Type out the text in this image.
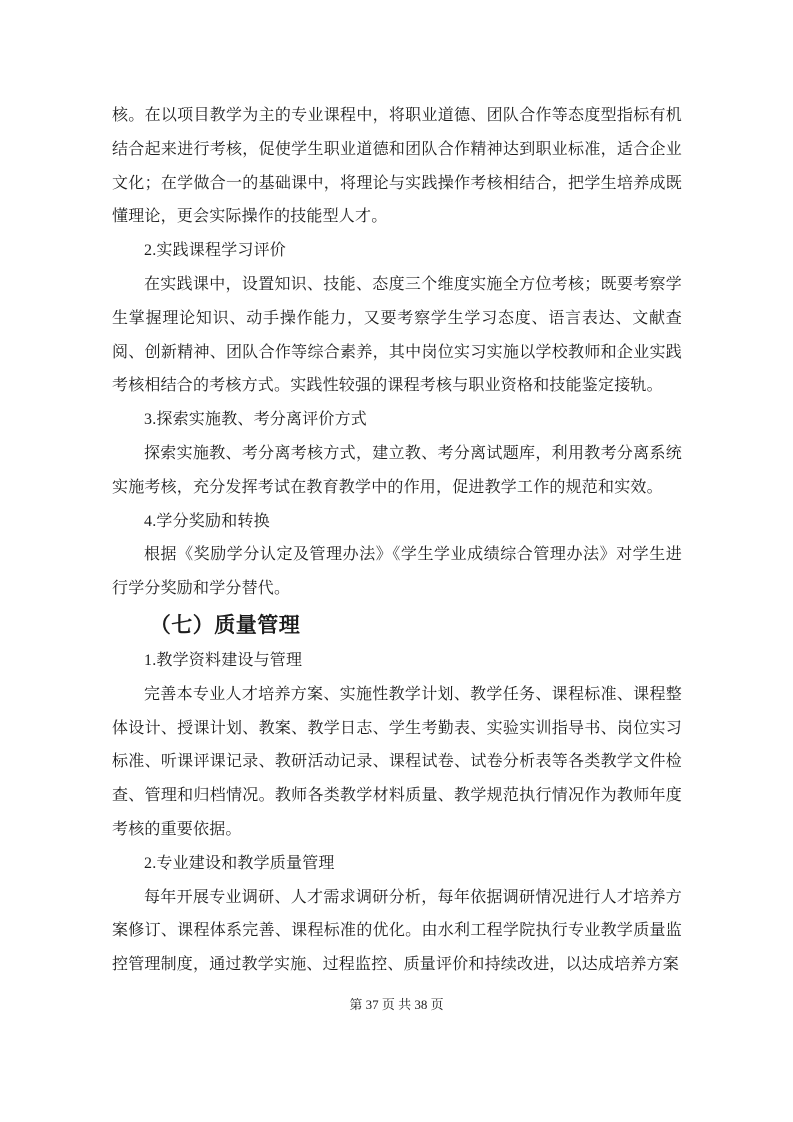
核。在以项目教学为主的专业课程中，将职业道德、团队合作等态度型指标有机结合起来进行考核，促使学生职业道德和团队合作精神达到职业标准，适合企业文化；在学做合一的基础课中，将理论与实践操作考核相结合，把学生培养成既懂理论，更会实际操作的技能型人才。

2.实践课程学习评价

在实践课中，设置知识、技能、态度三个维度实施全方位考核；既要考察学生掌握理论知识、动手操作能力，又要考察学生学习态度、语言表达、文献查阅、创新精神、团队合作等综合素养，其中岗位实习实施以学校教师和企业实践考核相结合的考核方式。实践性较强的课程考核与职业资格和技能鉴定接轨。

3.探索实施教、考分离评价方式

探索实施教、考分离考核方式，建立教、考分离试题库，利用教考分离系统实施考核，充分发挥考试在教育教学中的作用，促进教学工作的规范和实效。

4.学分奖励和转换

根据《奖励学分认定及管理办法》《学生学业成绩综合管理办法》对学生进行学分奖励和学分替代。

（七）质量管理

1.教学资料建设与管理

完善本专业人才培养方案、实施性教学计划、教学任务、课程标准、课程整体设计、授课计划、教案、教学日志、学生考勤表、实验实训指导书、岗位实习标准、听课评课记录、教研活动记录、课程试卷、试卷分析表等各类教学文件检查、管理和归档情况。教师各类教学材料质量、教学规范执行情况作为教师年度考核的重要依据。

2.专业建设和教学质量管理

每年开展专业调研、人才需求调研分析，每年依据调研情况进行人才培养方案修订、课程体系完善、课程标准的优化。由水利工程学院执行专业教学质量监控管理制度，通过教学实施、过程监控、质量评价和持续改进，以达成培养方案

第 37 页 共 38 页
